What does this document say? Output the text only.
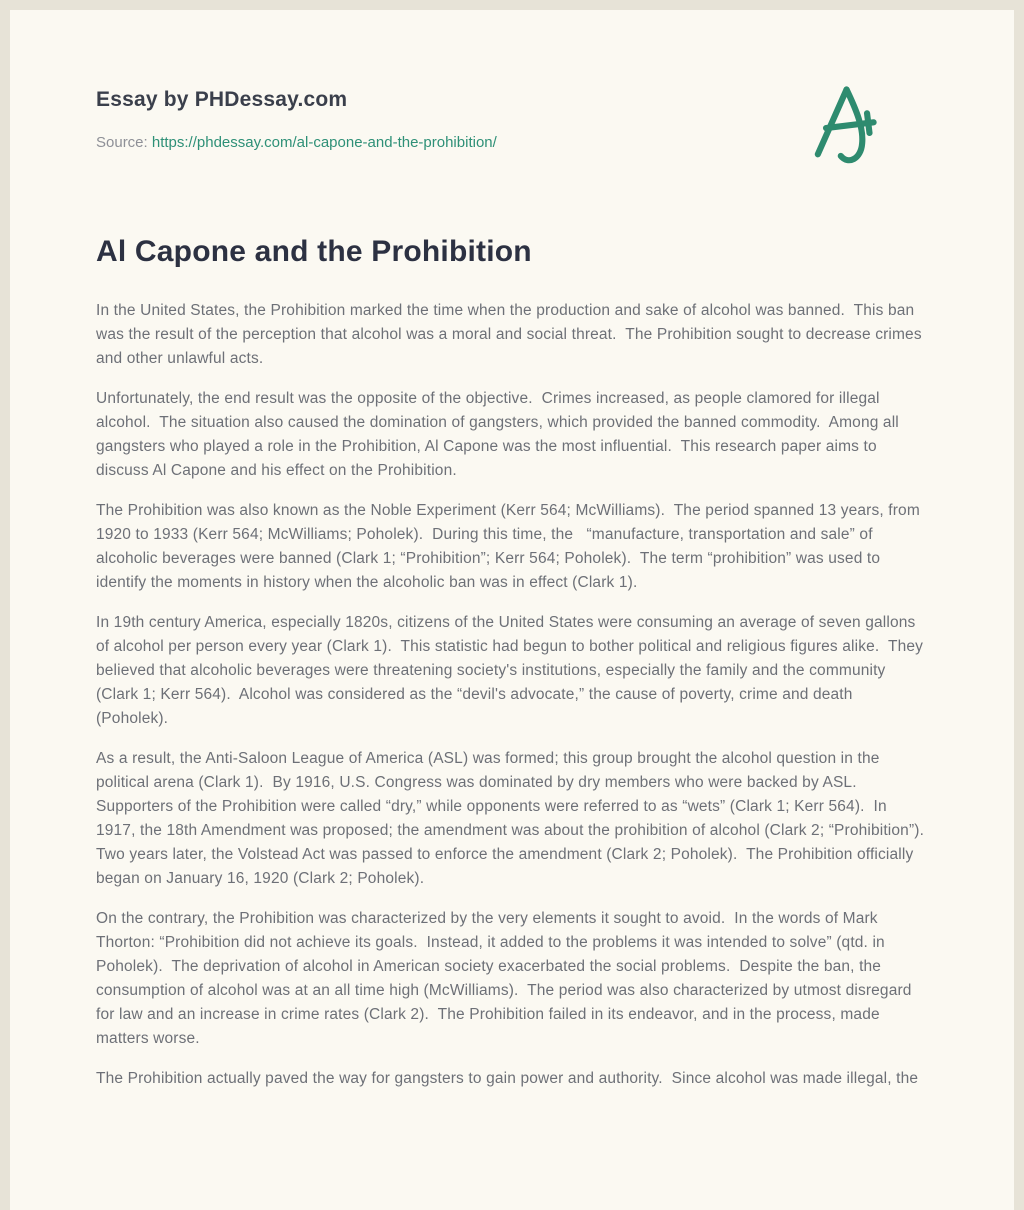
Essay by PHDessay.com
Source: https://phdessay.com/al-capone-and-the-prohibition/
Al Capone and the Prohibition

In the United States, the Prohibition marked the time when the production and sake of alcohol was banned.  This ban was the result of the perception that alcohol was a moral and social threat.  The Prohibition sought to decrease crimes and other unlawful acts.

Unfortunately, the end result was the opposite of the objective.  Crimes increased, as people clamored for illegal alcohol.  The situation also caused the domination of gangsters, which provided the banned commodity.  Among all gangsters who played a role in the Prohibition, Al Capone was the most influential.  This research paper aims to discuss Al Capone and his effect on the Prohibition.

The Prohibition was also known as the Noble Experiment (Kerr 564; McWilliams).  The period spanned 13 years, from 1920 to 1933 (Kerr 564; McWilliams; Poholek).  During this time, the   “manufacture, transportation and sale” of alcoholic beverages were banned (Clark 1; “Prohibition”; Kerr 564; Poholek).  The term “prohibition” was used to identify the moments in history when the alcoholic ban was in effect (Clark 1).

In 19th century America, especially 1820s, citizens of the United States were consuming an average of seven gallons of alcohol per person every year (Clark 1).  This statistic had begun to bother political and religious figures alike.  They believed that alcoholic beverages were threatening society's institutions, especially the family and the community (Clark 1; Kerr 564).  Alcohol was considered as the “devil's advocate,” the cause of poverty, crime and death (Poholek).

As a result, the Anti-Saloon League of America (ASL) was formed; this group brought the alcohol question in the political arena (Clark 1).  By 1916, U.S. Congress was dominated by dry members who were backed by ASL.  Supporters of the Prohibition were called “dry,” while opponents were referred to as “wets” (Clark 1; Kerr 564).  In 1917, the 18th Amendment was proposed; the amendment was about the prohibition of alcohol (Clark 2; “Prohibition”).  Two years later, the Volstead Act was passed to enforce the amendment (Clark 2; Poholek).  The Prohibition officially began on January 16, 1920 (Clark 2; Poholek).

On the contrary, the Prohibition was characterized by the very elements it sought to avoid.  In the words of Mark Thorton: “Prohibition did not achieve its goals.  Instead, it added to the problems it was intended to solve” (qtd. in Poholek).  The deprivation of alcohol in American society exacerbated the social problems.  Despite the ban, the consumption of alcohol was at an all time high (McWilliams).  The period was also characterized by utmost disregard for law and an increase in crime rates (Clark 2).  The Prohibition failed in its endeavor, and in the process, made matters worse.

The Prohibition actually paved the way for gangsters to gain power and authority.  Since alcohol was made illegal, the
